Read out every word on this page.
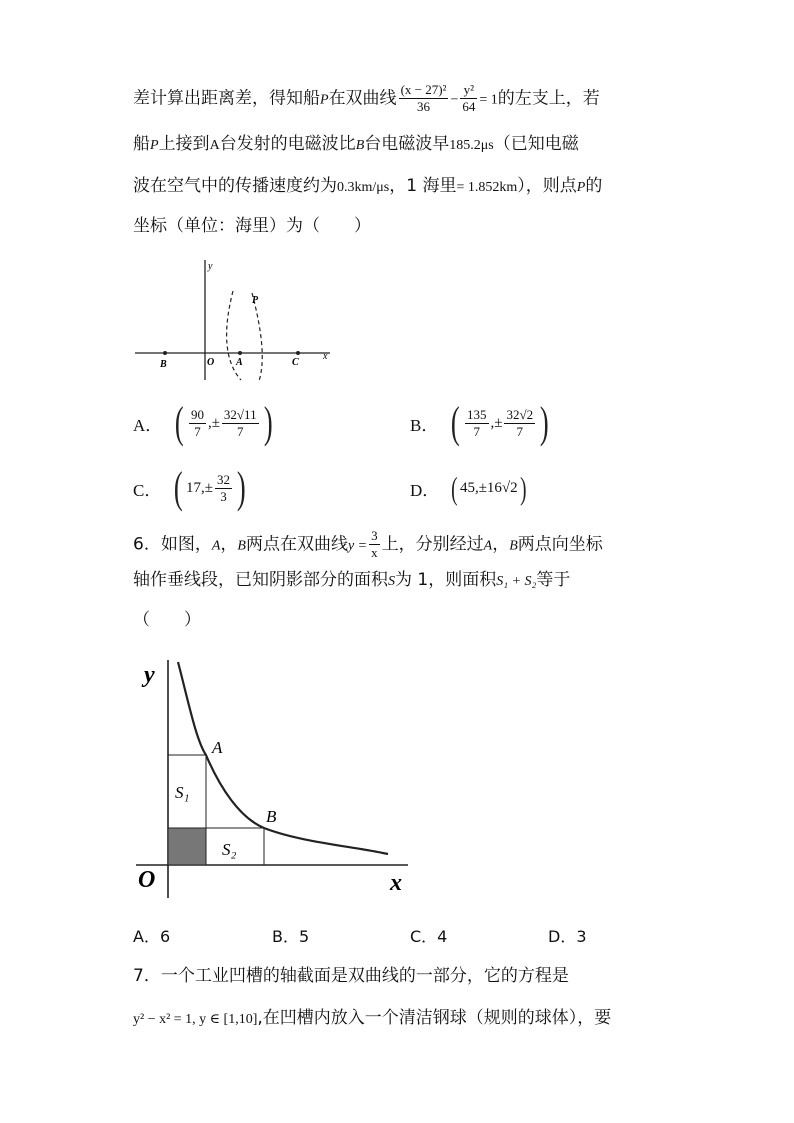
差计算出距离差，得知船P在双曲线 $\frac{\text{(x − 27)²}}{36} - \frac{\text{y²}}{64} = 1$的左支上，若
船P上接到A台发射的电磁波比B台电磁波早185.2μs（已知电磁
波在空气中的传播速度约为0.3km/μs，1 海里= 1.852km），则点P的
坐标（单位：海里）为（　　）
y
x
B	O A	C
P
A． ( $\frac{90}{7}$ ,± $\frac{32√11}{7}$ )	B． ( $\frac{135}{7}$ ,± $\frac{32√2}{7}$ )
C． ( $17,\pm \frac{32}{3}$ )	D． ( 45,±16√2 )
6．如图，A，B两点在双曲线$y = \frac{3}{x}$ 上，分别经过A，B两点向坐标
轴作垂线段，已知阴影部分的面积S为 1，则面积S₁ + S₂等于
（　　）
y
O	x
A
B
S₁
S₂
A．6	B．5	C．4	D．3
7．一个工业凹槽的轴截面是双曲线的一部分，它的方程是
y² − x² = 1, y ∈ [1,10],在凹槽内放入一个清洁钢球（规则的球体），要
